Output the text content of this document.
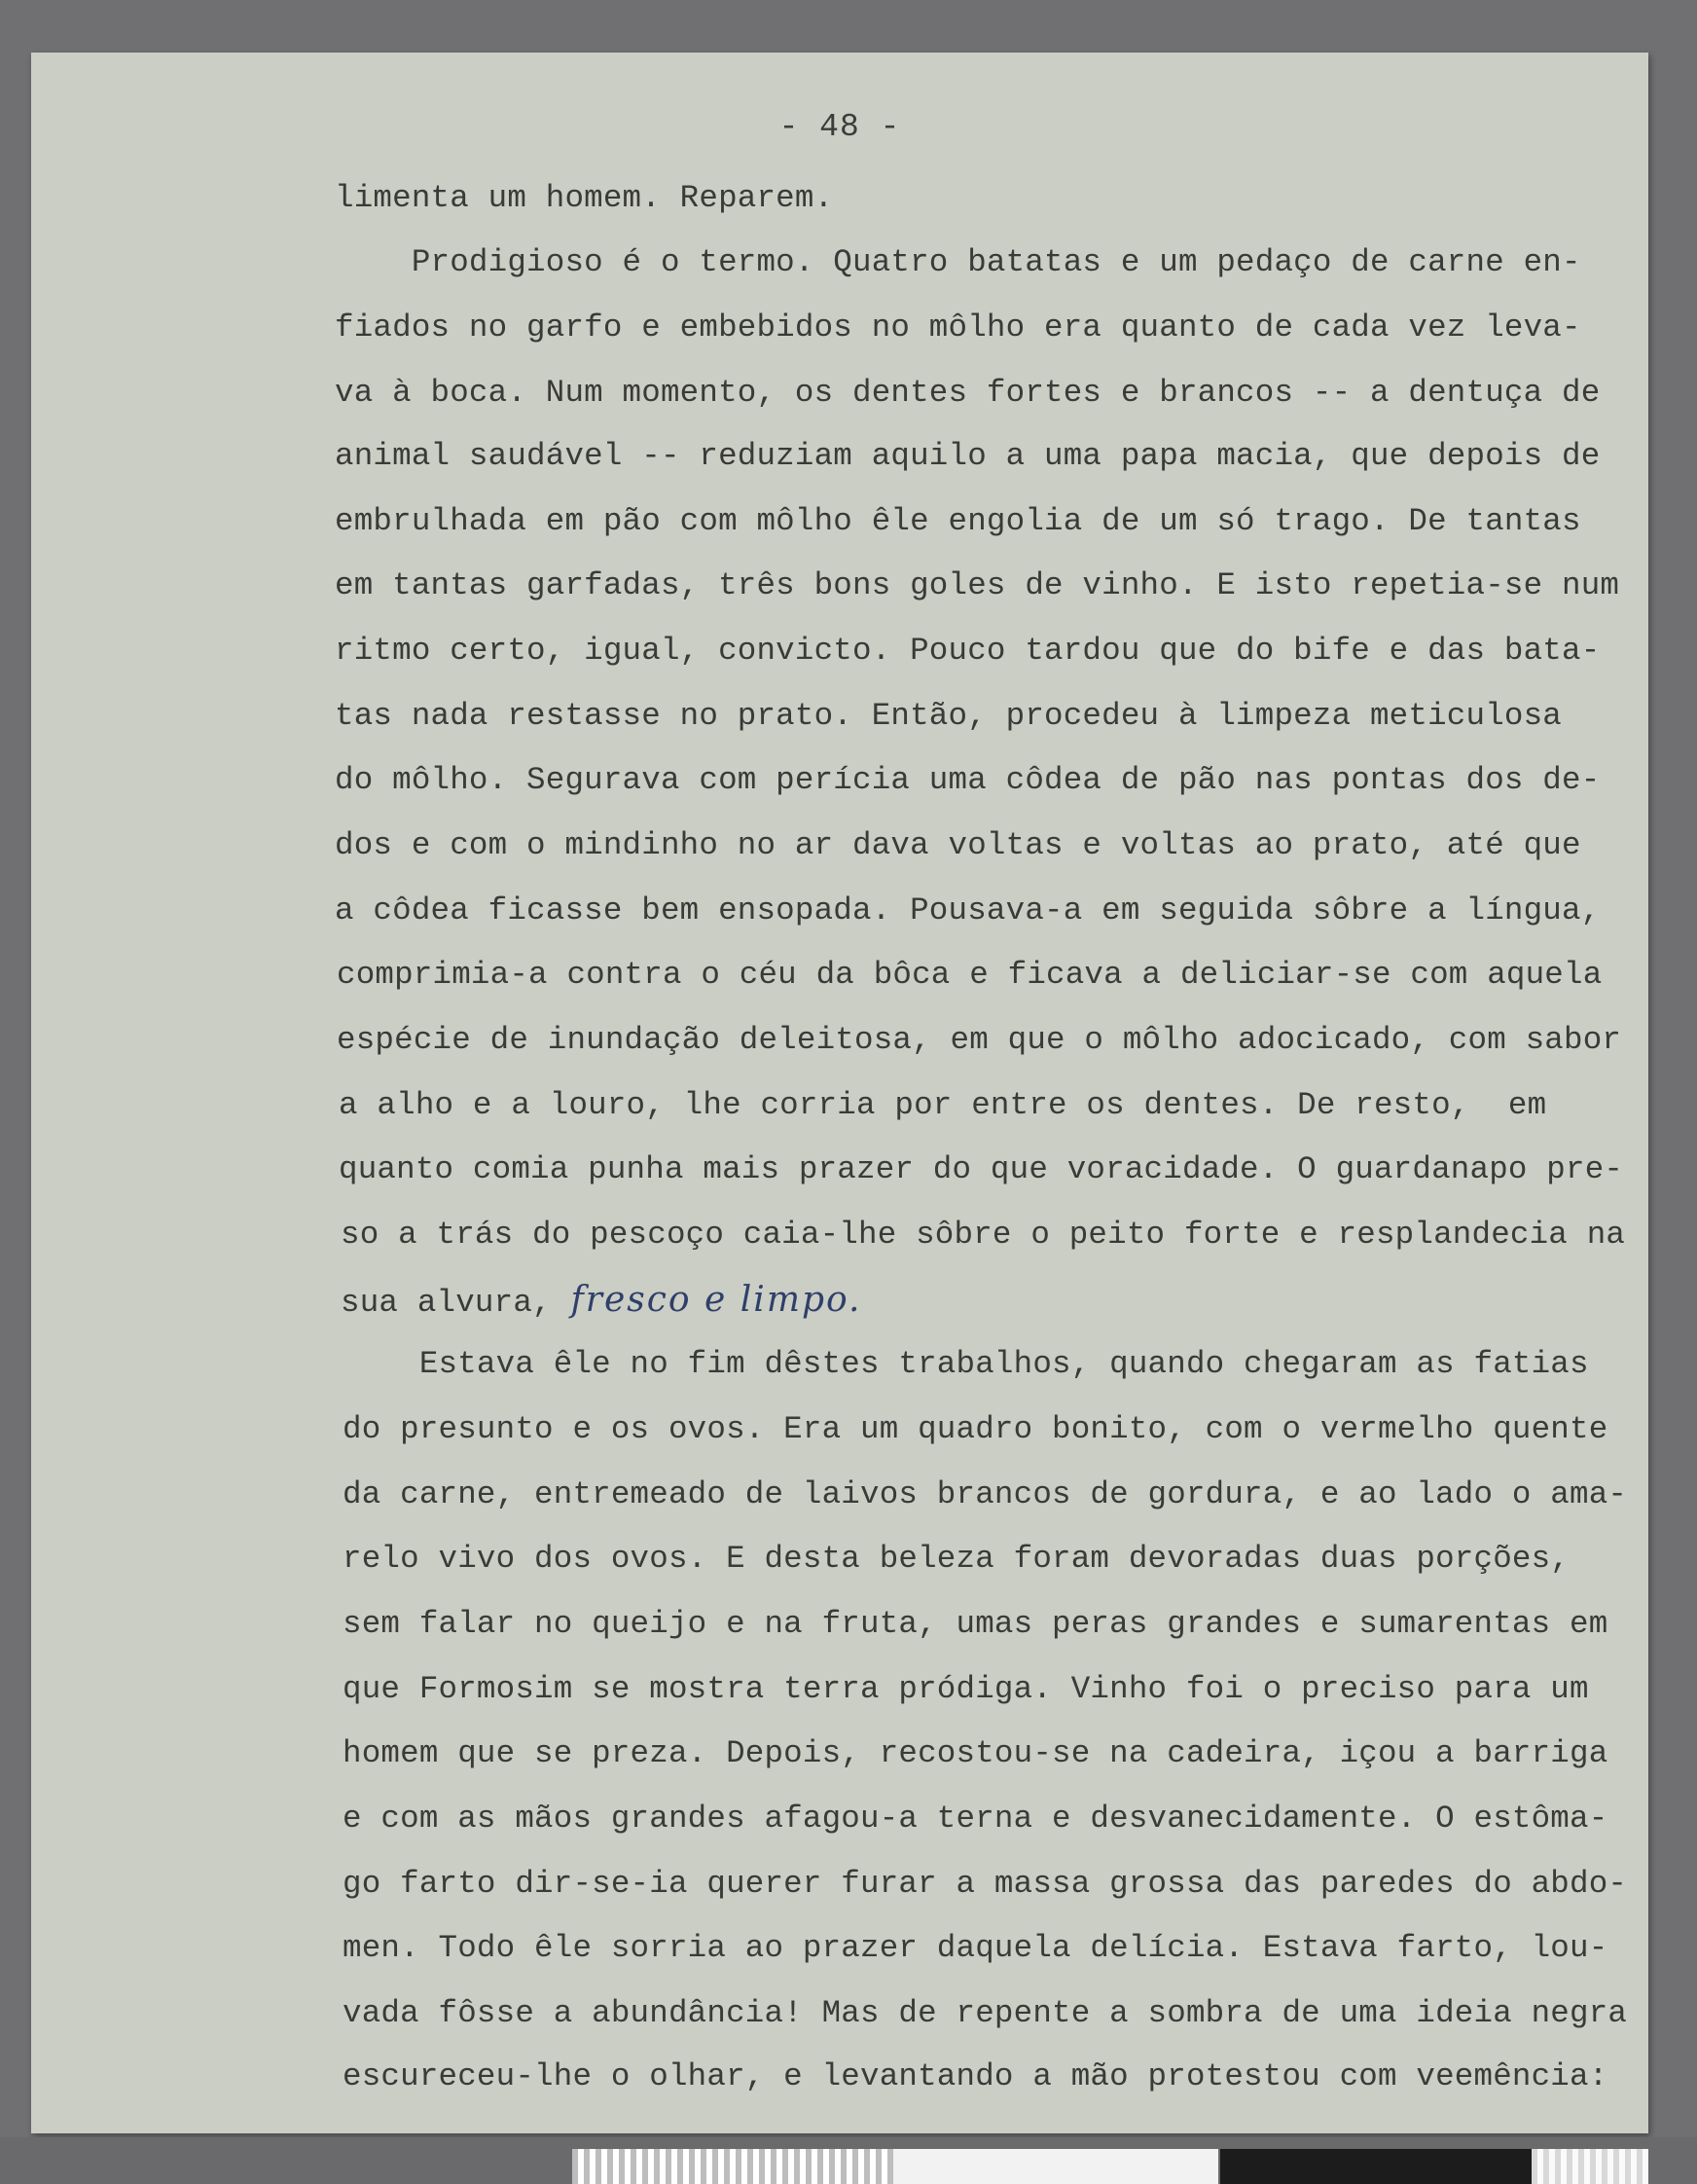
- 48 -
limenta um homem. Reparem.
Prodigioso é o termo. Quatro batatas e um pedaço de carne en-
fiados no garfo e embebidos no môlho era quanto de cada vez leva-
va à boca. Num momento, os dentes fortes e brancos -- a dentuça de
animal saudável -- reduziam aquilo a uma papa macia, que depois de
embrulhada em pão com môlho êle engolia de um só trago. De tantas
em tantas garfadas, três bons goles de vinho. E isto repetia-se num
ritmo certo, igual, convicto. Pouco tardou que do bife e das bata-
tas nada restasse no prato. Então, procedeu à limpeza meticulosa
do môlho. Segurava com perícia uma côdea de pão nas pontas dos de-
dos e com o mindinho no ar dava voltas e voltas ao prato, até que
a côdea ficasse bem ensopada. Pousava-a em seguida sôbre a língua,
comprimia-a contra o céu da bôca e ficava a deliciar-se com aquela
espécie de inundação deleitosa, em que o môlho adocicado, com sabor
a alho e a louro, lhe corria por entre os dentes. De resto,  em
quanto comia punha mais prazer do que voracidade. O guardanapo pre-
so a trás do pescoço caia-lhe sôbre o peito forte e resplandecia na
sua alvura, fresco e limpo.
Estava êle no fim dêstes trabalhos, quando chegaram as fatias
do presunto e os ovos. Era um quadro bonito, com o vermelho quente
da carne, entremeado de laivos brancos de gordura, e ao lado o ama-
relo vivo dos ovos. E desta beleza foram devoradas duas porções,
sem falar no queijo e na fruta, umas peras grandes e sumarentas em
que Formosim se mostra terra pródiga. Vinho foi o preciso para um
homem que se preza. Depois, recostou-se na cadeira, içou a barriga
e com as mãos grandes afagou-a terna e desvanecidamente. O estôma-
go farto dir-se-ia querer furar a massa grossa das paredes do abdo-
men. Todo êle sorria ao prazer daquela delícia. Estava farto, lou-
vada fôsse a abundância! Mas de repente a sombra de uma ideia negra
escureceu-lhe o olhar, e levantando a mão protestou com veemência:
